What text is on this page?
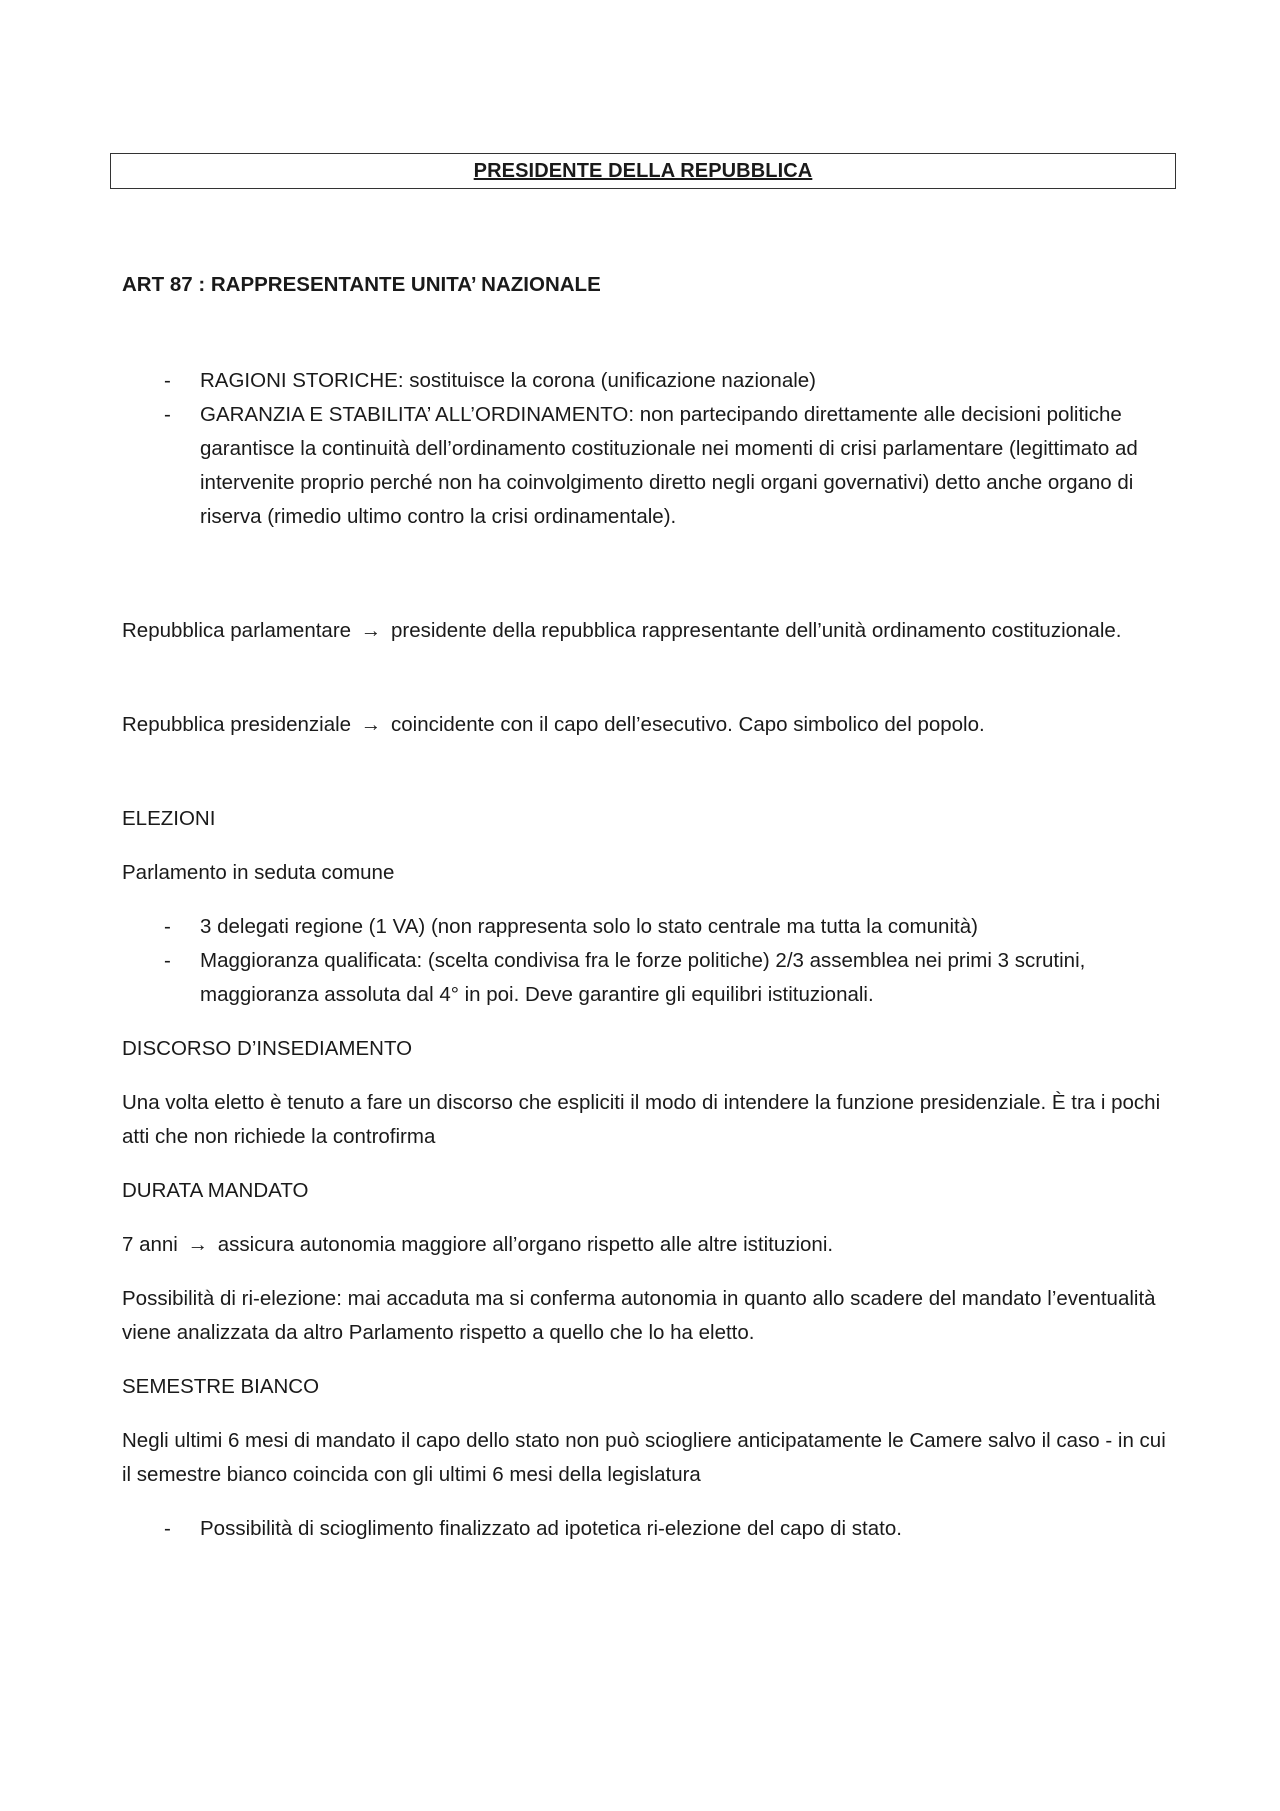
PRESIDENTE DELLA REPUBBLICA

ART 87 : RAPPRESENTANTE UNITA’ NAZIONALE

- RAGIONI STORICHE: sostituisce la corona (unificazione nazionale)
- GARANZIA E STABILITA’ ALL’ORDINAMENTO: non partecipando direttamente alle decisioni politiche garantisce la continuità dell’ordinamento costituzionale nei momenti di crisi parlamentare (legittimato ad intervenite proprio perché non ha coinvolgimento diretto negli organi governativi) detto anche organo di riserva (rimedio ultimo contro la crisi ordinamentale).

Repubblica parlamentare → presidente della repubblica rappresentante dell’unità ordinamento costituzionale.

Repubblica presidenziale → coincidente con il capo dell’esecutivo. Capo simbolico del popolo.

ELEZIONI

Parlamento in seduta comune

- 3 delegati regione (1 VA) (non rappresenta solo lo stato centrale ma tutta la comunità)
- Maggioranza qualificata: (scelta condivisa fra le forze politiche) 2/3 assemblea nei primi 3 scrutini, maggioranza assoluta dal 4° in poi. Deve garantire gli equilibri istituzionali.

DISCORSO D’INSEDIAMENTO

Una volta eletto è tenuto a fare un discorso che espliciti il modo di intendere la funzione presidenziale. È tra i pochi atti che non richiede la controfirma

DURATA MANDATO

7 anni → assicura autonomia maggiore all’organo rispetto alle altre istituzioni.

Possibilità di ri-elezione: mai accaduta ma si conferma autonomia in quanto allo scadere del mandato l’eventualità viene analizzata da altro Parlamento rispetto a quello che lo ha eletto.

SEMESTRE BIANCO

Negli ultimi 6 mesi di mandato il capo dello stato non può sciogliere anticipatamente le Camere salvo il caso - in cui il semestre bianco coincida con gli ultimi 6 mesi della legislatura

- Possibilità di scioglimento finalizzato ad ipotetica ri-elezione del capo di stato.
